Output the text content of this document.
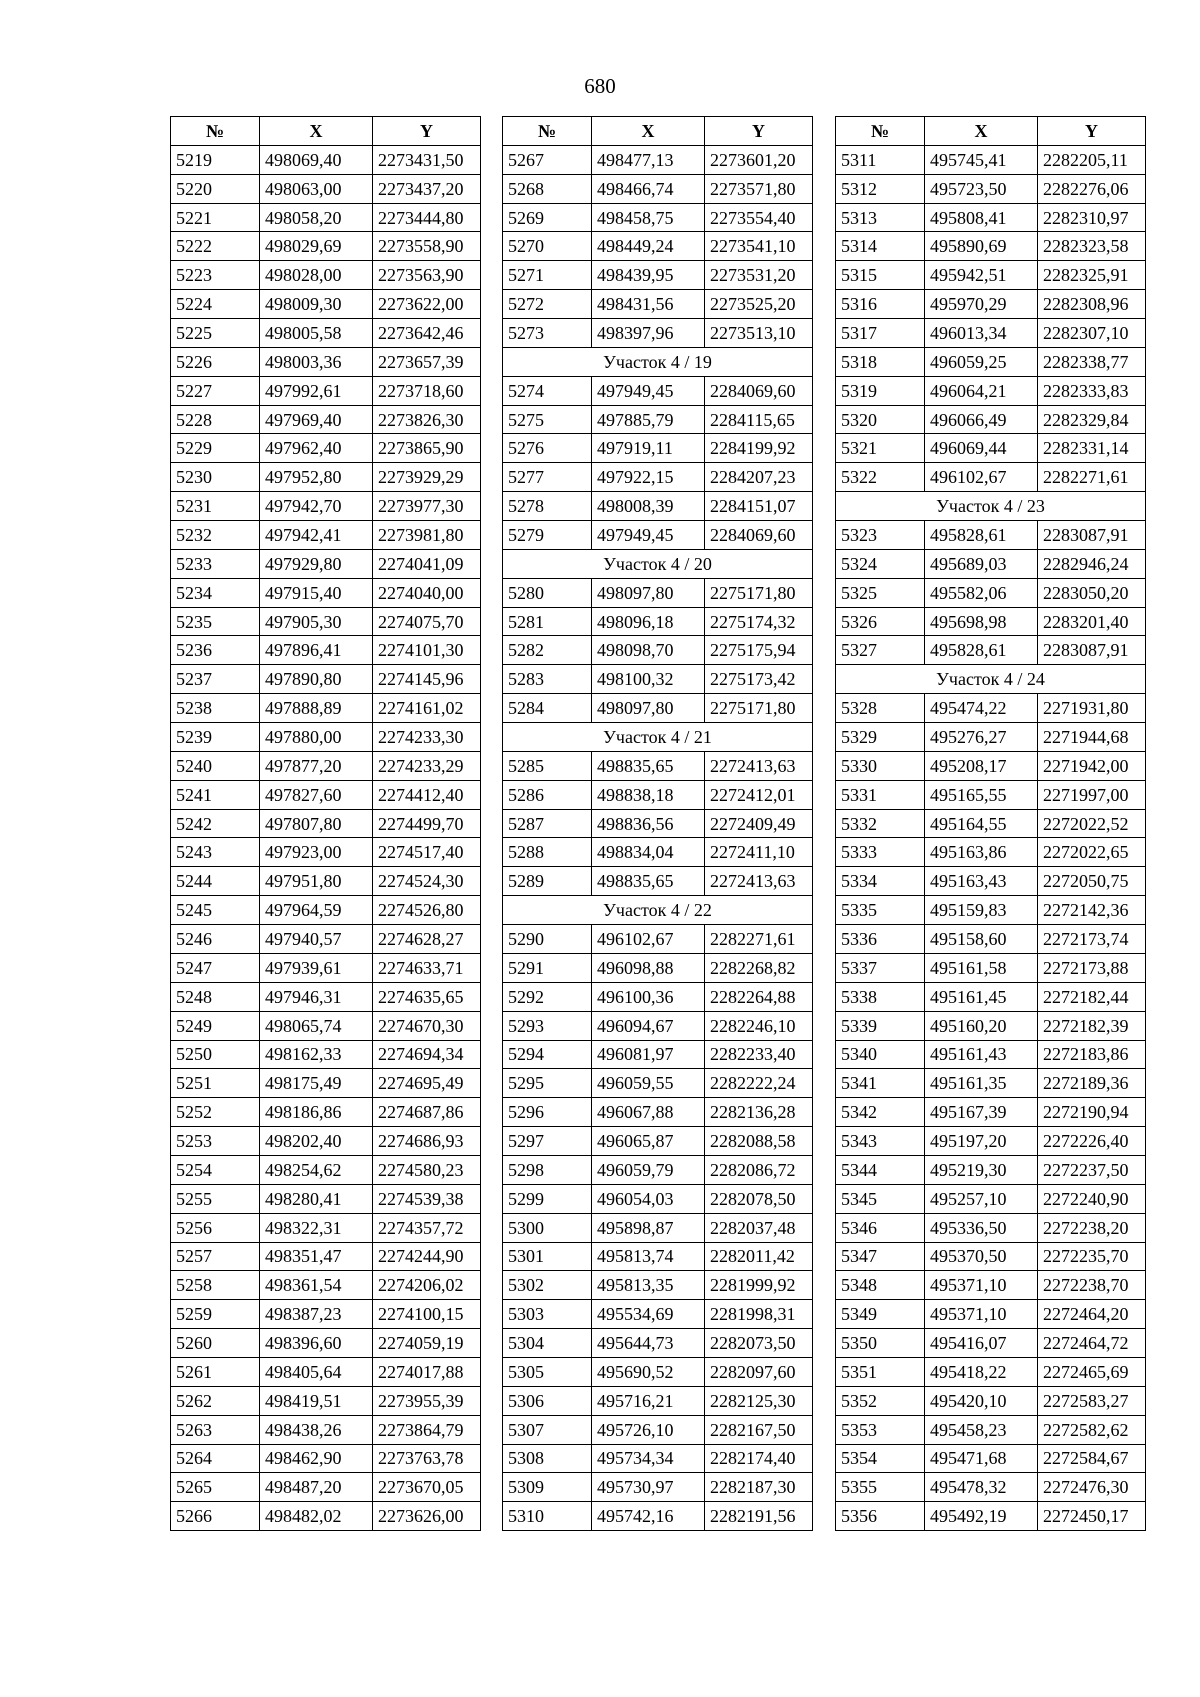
680
№	X	Y
5219	498069,40	2273431,50
5220	498063,00	2273437,20
5221	498058,20	2273444,80
5222	498029,69	2273558,90
5223	498028,00	2273563,90
5224	498009,30	2273622,00
5225	498005,58	2273642,46
5226	498003,36	2273657,39
5227	497992,61	2273718,60
5228	497969,40	2273826,30
5229	497962,40	2273865,90
5230	497952,80	2273929,29
5231	497942,70	2273977,30
5232	497942,41	2273981,80
5233	497929,80	2274041,09
5234	497915,40	2274040,00
5235	497905,30	2274075,70
5236	497896,41	2274101,30
5237	497890,80	2274145,96
5238	497888,89	2274161,02
5239	497880,00	2274233,30
5240	497877,20	2274233,29
5241	497827,60	2274412,40
5242	497807,80	2274499,70
5243	497923,00	2274517,40
5244	497951,80	2274524,30
5245	497964,59	2274526,80
5246	497940,57	2274628,27
5247	497939,61	2274633,71
5248	497946,31	2274635,65
5249	498065,74	2274670,30
5250	498162,33	2274694,34
5251	498175,49	2274695,49
5252	498186,86	2274687,86
5253	498202,40	2274686,93
5254	498254,62	2274580,23
5255	498280,41	2274539,38
5256	498322,31	2274357,72
5257	498351,47	2274244,90
5258	498361,54	2274206,02
5259	498387,23	2274100,15
5260	498396,60	2274059,19
5261	498405,64	2274017,88
5262	498419,51	2273955,39
5263	498438,26	2273864,79
5264	498462,90	2273763,78
5265	498487,20	2273670,05
5266	498482,02	2273626,00
№	X	Y
5267	498477,13	2273601,20
5268	498466,74	2273571,80
5269	498458,75	2273554,40
5270	498449,24	2273541,10
5271	498439,95	2273531,20
5272	498431,56	2273525,20
5273	498397,96	2273513,10
Участок 4 / 19		
5274	497949,45	2284069,60
5275	497885,79	2284115,65
5276	497919,11	2284199,92
5277	497922,15	2284207,23
5278	498008,39	2284151,07
5279	497949,45	2284069,60
Участок 4 / 20		
5280	498097,80	2275171,80
5281	498096,18	2275174,32
5282	498098,70	2275175,94
5283	498100,32	2275173,42
5284	498097,80	2275171,80
Участок 4 / 21		
5285	498835,65	2272413,63
5286	498838,18	2272412,01
5287	498836,56	2272409,49
5288	498834,04	2272411,10
5289	498835,65	2272413,63
Участок 4 / 22		
5290	496102,67	2282271,61
5291	496098,88	2282268,82
5292	496100,36	2282264,88
5293	496094,67	2282246,10
5294	496081,97	2282233,40
5295	496059,55	2282222,24
5296	496067,88	2282136,28
5297	496065,87	2282088,58
5298	496059,79	2282086,72
5299	496054,03	2282078,50
5300	495898,87	2282037,48
5301	495813,74	2282011,42
5302	495813,35	2281999,92
5303	495534,69	2281998,31
5304	495644,73	2282073,50
5305	495690,52	2282097,60
5306	495716,21	2282125,30
5307	495726,10	2282167,50
5308	495734,34	2282174,40
5309	495730,97	2282187,30
5310	495742,16	2282191,56
№	X	Y
5311	495745,41	2282205,11
5312	495723,50	2282276,06
5313	495808,41	2282310,97
5314	495890,69	2282323,58
5315	495942,51	2282325,91
5316	495970,29	2282308,96
5317	496013,34	2282307,10
5318	496059,25	2282338,77
5319	496064,21	2282333,83
5320	496066,49	2282329,84
5321	496069,44	2282331,14
5322	496102,67	2282271,61
Участок 4 / 23		
5323	495828,61	2283087,91
5324	495689,03	2282946,24
5325	495582,06	2283050,20
5326	495698,98	2283201,40
5327	495828,61	2283087,91
Участок 4 / 24		
5328	495474,22	2271931,80
5329	495276,27	2271944,68
5330	495208,17	2271942,00
5331	495165,55	2271997,00
5332	495164,55	2272022,52
5333	495163,86	2272022,65
5334	495163,43	2272050,75
5335	495159,83	2272142,36
5336	495158,60	2272173,74
5337	495161,58	2272173,88
5338	495161,45	2272182,44
5339	495160,20	2272182,39
5340	495161,43	2272183,86
5341	495161,35	2272189,36
5342	495167,39	2272190,94
5343	495197,20	2272226,40
5344	495219,30	2272237,50
5345	495257,10	2272240,90
5346	495336,50	2272238,20
5347	495370,50	2272235,70
5348	495371,10	2272238,70
5349	495371,10	2272464,20
5350	495416,07	2272464,72
5351	495418,22	2272465,69
5352	495420,10	2272583,27
5353	495458,23	2272582,62
5354	495471,68	2272584,67
5355	495478,32	2272476,30
5356	495492,19	2272450,17
